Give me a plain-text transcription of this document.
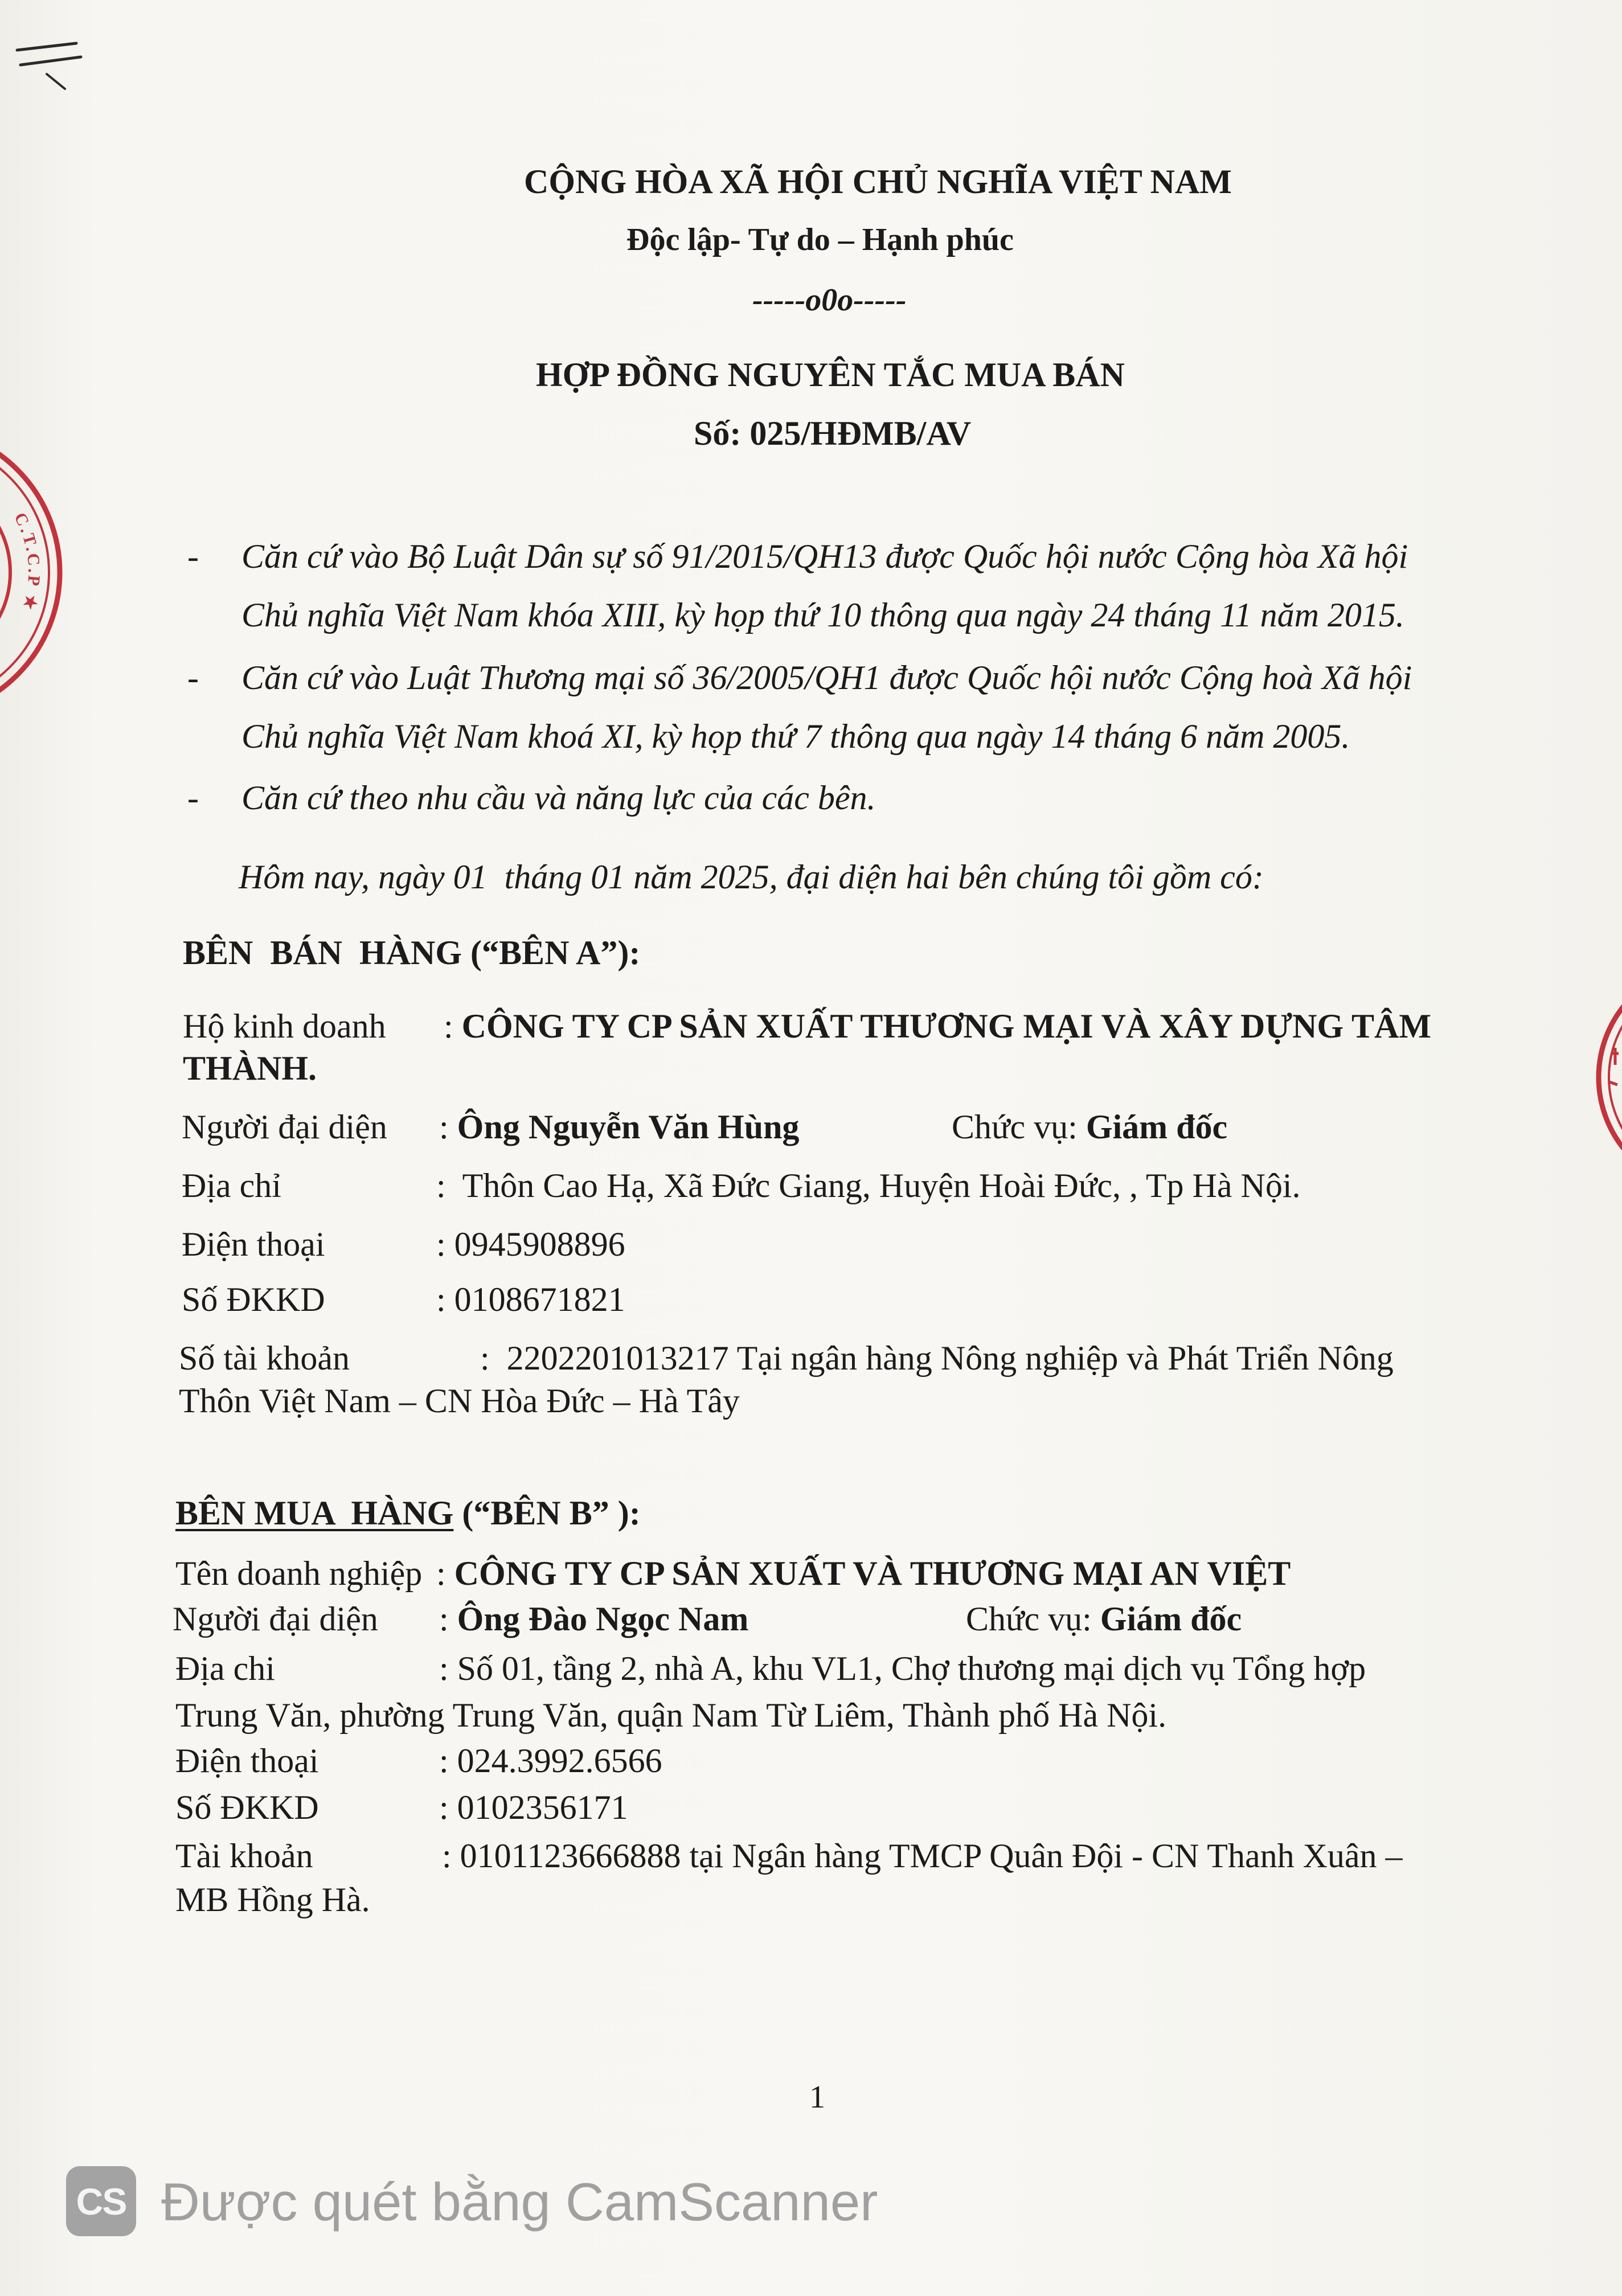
C.T.C.P ★
CỘNG HÒA XÃ HỘI CHỦ NGHĨA VIỆT NAM
Độc lập- Tự do – Hạnh phúc
-----o0o-----
HỢP ĐỒNG NGUYÊN TẮC MUA BÁN
Số: 025/HĐMB/AV
- Căn cứ vào Bộ Luật Dân sự số 91/2015/QH13 được Quốc hội nước Cộng hòa Xã hội
Chủ nghĩa Việt Nam khóa XIII, kỳ họp thứ 10 thông qua ngày 24 tháng 11 năm 2015.
- Căn cứ vào Luật Thương mại số 36/2005/QH1 được Quốc hội nước Cộng hoà Xã hội
Chủ nghĩa Việt Nam khoá XI, kỳ họp thứ 7 thông qua ngày 14 tháng 6 năm 2005.
- Căn cứ theo nhu cầu và năng lực của các bên.
Hôm nay, ngày 01  tháng 01 năm 2025, đại diện hai bên chúng tôi gồm có:
BÊN  BÁN  HÀNG (“BÊN A”):
Hộ kinh doanh : CÔNG TY CP SẢN XUẤT THƯƠNG MẠI VÀ XÂY DỰNG TÂM
THÀNH.
Người đại diện : Ông Nguyễn Văn Hùng	Chức vụ: Giám đốc
Địa chỉ	:  Thôn Cao Hạ, Xã Đức Giang, Huyện Hoài Đức, , Tp Hà Nội.
Điện thoại	: 0945908896
Số ĐKKD	: 0108671821
Số tài khoản	:  2202201013217 Tại ngân hàng Nông nghiệp và Phát Triển Nông
Thôn Việt Nam – CN Hòa Đức – Hà Tây
BÊN MUA  HÀNG (“BÊN B” ):
Tên doanh nghiệp : CÔNG TY CP SẢN XUẤT VÀ THƯƠNG MẠI AN VIỆT
Người đại diện : Ông Đào Ngọc Nam	Chức vụ: Giám đốc
Địa chi	: Số 01, tầng 2, nhà A, khu VL1, Chợ thương mại dịch vụ Tổng hợp
Trung Văn, phường Trung Văn, quận Nam Từ Liêm, Thành phố Hà Nội.
Điện thoại	: 024.3992.6566
Số ĐKKD	: 0102356171
Tài khoản	: 0101123666888 tại Ngân hàng TMCP Quân Đội - CN Thanh Xuân –
MB Hồng Hà.
1
CS Được quét bằng CamScanner
